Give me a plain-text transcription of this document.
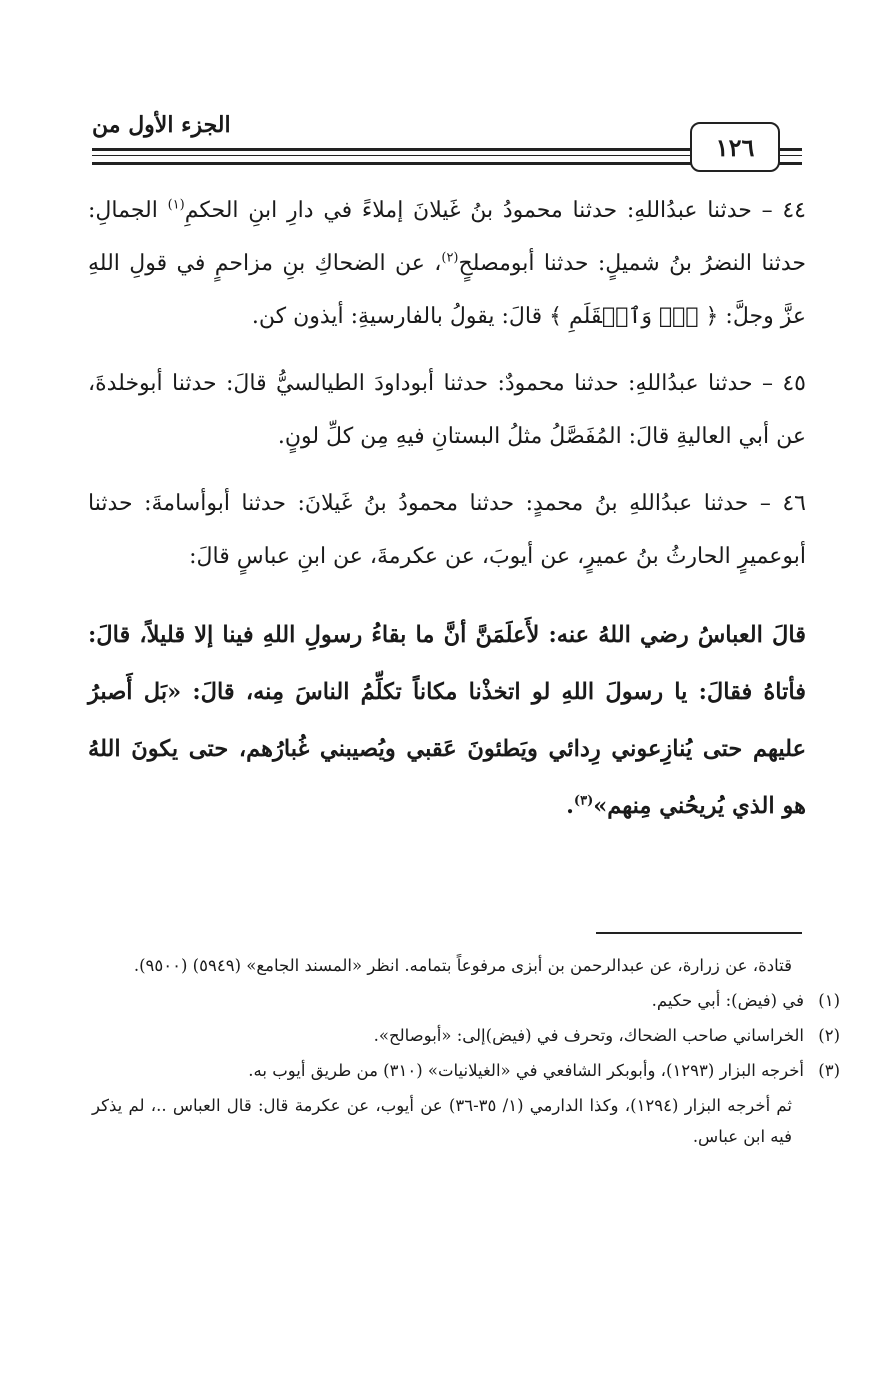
الجزء الأول من
١٢٦

٤٤ – حدثنا عبدُاللهِ: حدثنا محمودُ بنُ غَيلانَ إملاءً في دارِ ابنِ الحكمِ$^{(١)}$ الجمالِ: حدثنا النضرُ بنُ شميلٍ: حدثنا أبومصلحٍ$^{(٢)}$، عن الضحاكِ بنِ مزاحمٍ في قولِ اللهِ عزَّ وجلَّ: ﴿ نٓۚ وَٱلۡقَلَمِ ﴾ قالَ: يقولُ بالفارسيةِ: أيذون كن.

٤٥ – حدثنا عبدُاللهِ: حدثنا محمودٌ: حدثنا أبوداودَ الطيالسيُّ قالَ: حدثنا أبوخلدةَ، عن أبي العاليةِ قالَ: المُفَصَّلُ مثلُ البستانِ فيهِ مِن كلِّ لونٍ.

٤٦ – حدثنا عبدُاللهِ بنُ محمدٍ: حدثنا محمودُ بنُ غَيلانَ: حدثنا أبوأسامةَ: حدثنا أبوعميرٍ الحارثُ بنُ عميرٍ، عن أيوبَ، عن عكرمةَ، عن ابنِ عباسٍ قالَ:

قالَ العباسُ رضي اللهُ عنه: لأَعلَمَنَّ أنَّ ما بقاءُ رسولِ اللهِ فينا إلا قليلاً، قالَ: فأتاهُ فقالَ: يا رسولَ اللهِ لو اتخذْنا مكاناً تكلِّمُ الناسَ مِنه، قالَ: «بَل أَصبرُ عليهم حتى يُنازِعوني رِدائي ويَطئونَ عَقبي ويُصيبني غُبارُهم، حتى يكونَ اللهُ هو الذي يُريحُني مِنهم»$^{(٣)}$.

قتادة، عن زرارة، عن عبدالرحمن بن أبزى مرفوعاً بتمامه. انظر «المسند الجامع» (٥٩٤٩) (٩٥٠٠).

(١)في (فيض): أبي حكيم.

(٢)الخراساني صاحب الضحاك، وتحرف في (فيض)إلى: «أبوصالح».

(٣)أخرجه البزار (١٢٩٣)، وأبوبكر الشافعي في «الغيلانيات» (٣١٠) من طريق أيوب به.

ثم أخرجه البزار (١٢٩٤)، وكذا الدارمي (١/ ٣٥-٣٦) عن أيوب، عن عكرمة قال: قال العباس ..، لم يذكر فيه ابن عباس.
